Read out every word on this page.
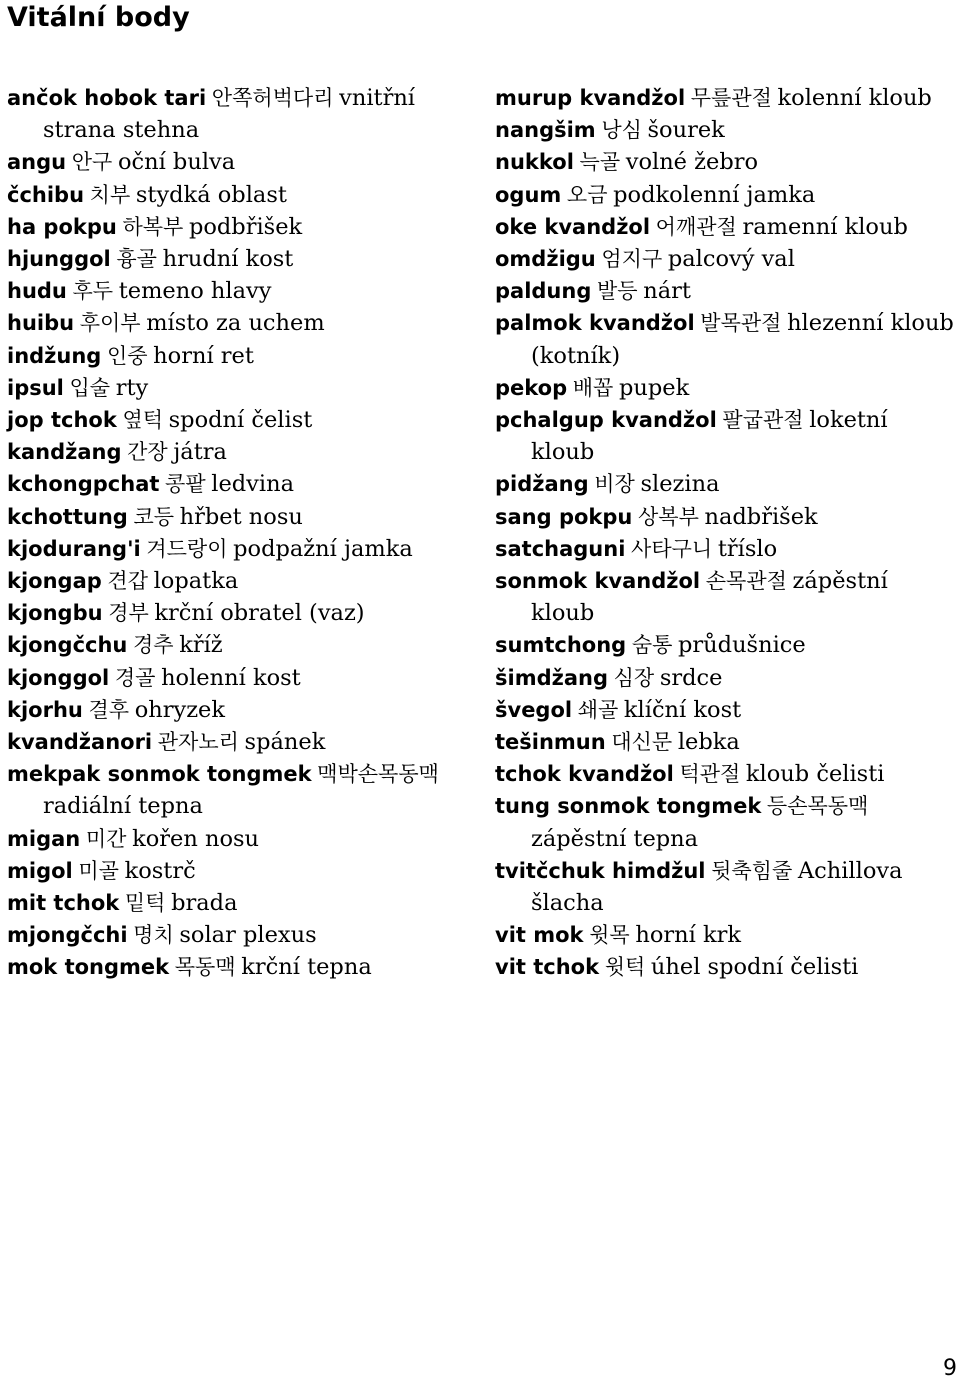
Vitální body
ančok hobok tari 안쪽허벅다리 vnitřní strana stehna
angu 안구 oční bulva
čchibu 치부 stydká oblast
ha pokpu 하복부 podbřišek
hjunggol 흉골 hrudní kost
hudu 후두 temeno hlavy
huibu 후이부 místo za uchem
indžung 인중 horní ret
ipsul 입술 rty
jop tchok 옆턱 spodní čelist
kandžang 간장 játra
kchongpchat 콩팥 ledvina
kchottung 코등 hřbet nosu
kjodurang'i 겨드랑이 podpažní jamka
kjongap 견갑 lopatka
kjongbu 경부 krční obratel (vaz)
kjongčchu 경추 kříž
kjonggol 경골 holenní kost
kjorhu 결후 ohryzek
kvandžanori 관자노리 spánek
mekpak sonmok tongmek 맥박손목동맥 radiální tepna
migan 미간 kořen nosu
migol 미골 kostrč
mit tchok 밑턱 brada
mjongčchi 명치 solar plexus
mok tongmek 목동맥 krční tepna
murup kvandžol 무릎관절 kolenní kloub
nangšim 낭심 šourek
nukkol 늑골 volné žebro
ogum 오금 podkolenní jamka
oke kvandžol 어깨관절 ramenní kloub
omdžigu 엄지구 palcový val
paldung 발등 nárt
palmok kvandžol 발목관절 hlezenní kloub (kotník)
pekop 배꼽 pupek
pchalgup kvandžol 팔굽관절 loketní kloub
pidžang 비장 slezina
sang pokpu 상복부 nadbřišek
satchaguni 사타구니 tříslo
sonmok kvandžol 손목관절 zápěstní kloub
sumtchong 숨통 průdušnice
šimdžang 심장 srdce
švegol 쇄골 klíční kost
tešinmun 대신문 lebka
tchok kvandžol 턱관절 kloub čelisti
tung sonmok tongmek 등손목동맥 zápěstní tepna
tvitčchuk himdžul 뒷축힘줄 Achillova šlacha
vit mok 윗목 horní krk
vit tchok 윗턱 úhel spodní čelisti
9
